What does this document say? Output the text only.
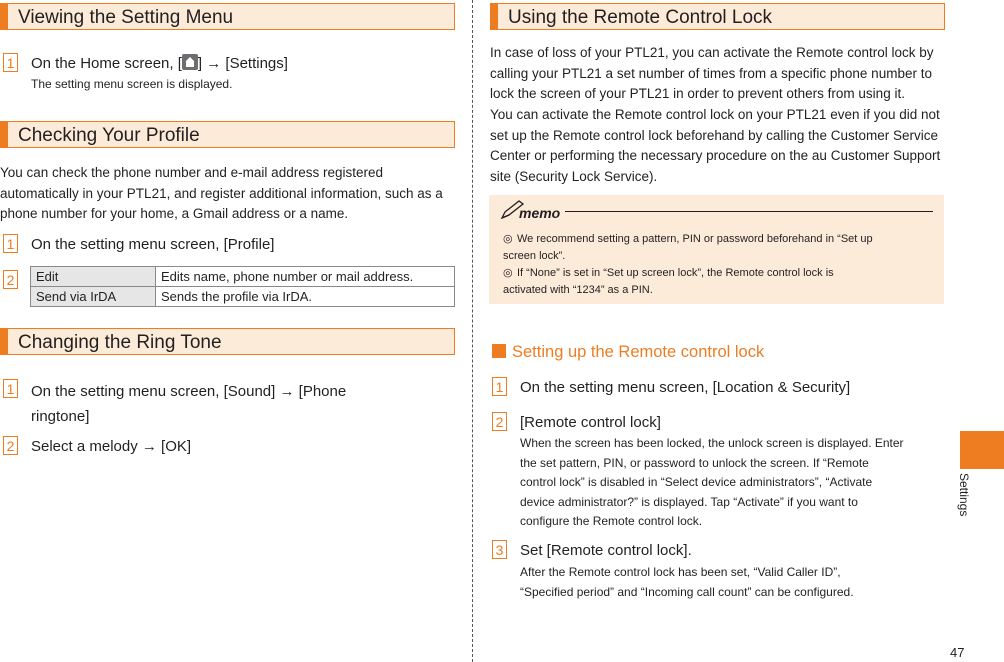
Viewing the Setting Menu
1 On the Home screen, [ ] → [Settings]
The setting menu screen is displayed.
Checking Your Profile
You can check the phone number and e-mail address registered automatically in your PTL21, and register additional information, such as a phone number for your home, a Gmail address or a name.
1 On the setting menu screen, [Profile]
2 Edit	Edits name, phone number or mail address.
Send via IrDA	Sends the profile via IrDA.
Changing the Ring Tone
1 On the setting menu screen, [Sound] → [Phone ringtone]
2 Select a melody → [OK]
Using the Remote Control Lock
In case of loss of your PTL21, you can activate the Remote control lock by calling your PTL21 a set number of times from a specific phone number to lock the screen of your PTL21 in order to prevent others from using it.
You can activate the Remote control lock on your PTL21 even if you did not set up the Remote control lock beforehand by calling the Customer Service Center or performing the necessary procedure on the au Customer Support site (Security Lock Service).
memo
◎ We recommend setting a pattern, PIN or password beforehand in “Set up screen lock”.
◎ If “None” is set in “Set up screen lock”, the Remote control lock is activated with “1234” as a PIN.
Setting up the Remote control lock
1 On the setting menu screen, [Location & Security]
2 [Remote control lock]
When the screen has been locked, the unlock screen is displayed. Enter the set pattern, PIN, or password to unlock the screen. If “Remote control lock” is disabled in “Select device administrators”, “Activate device administrator?” is displayed. Tap “Activate” if you want to configure the Remote control lock.
3 Set [Remote control lock].
After the Remote control lock has been set, “Valid Caller ID”, “Specified period” and “Incoming call count” can be configured.
Settings
47
